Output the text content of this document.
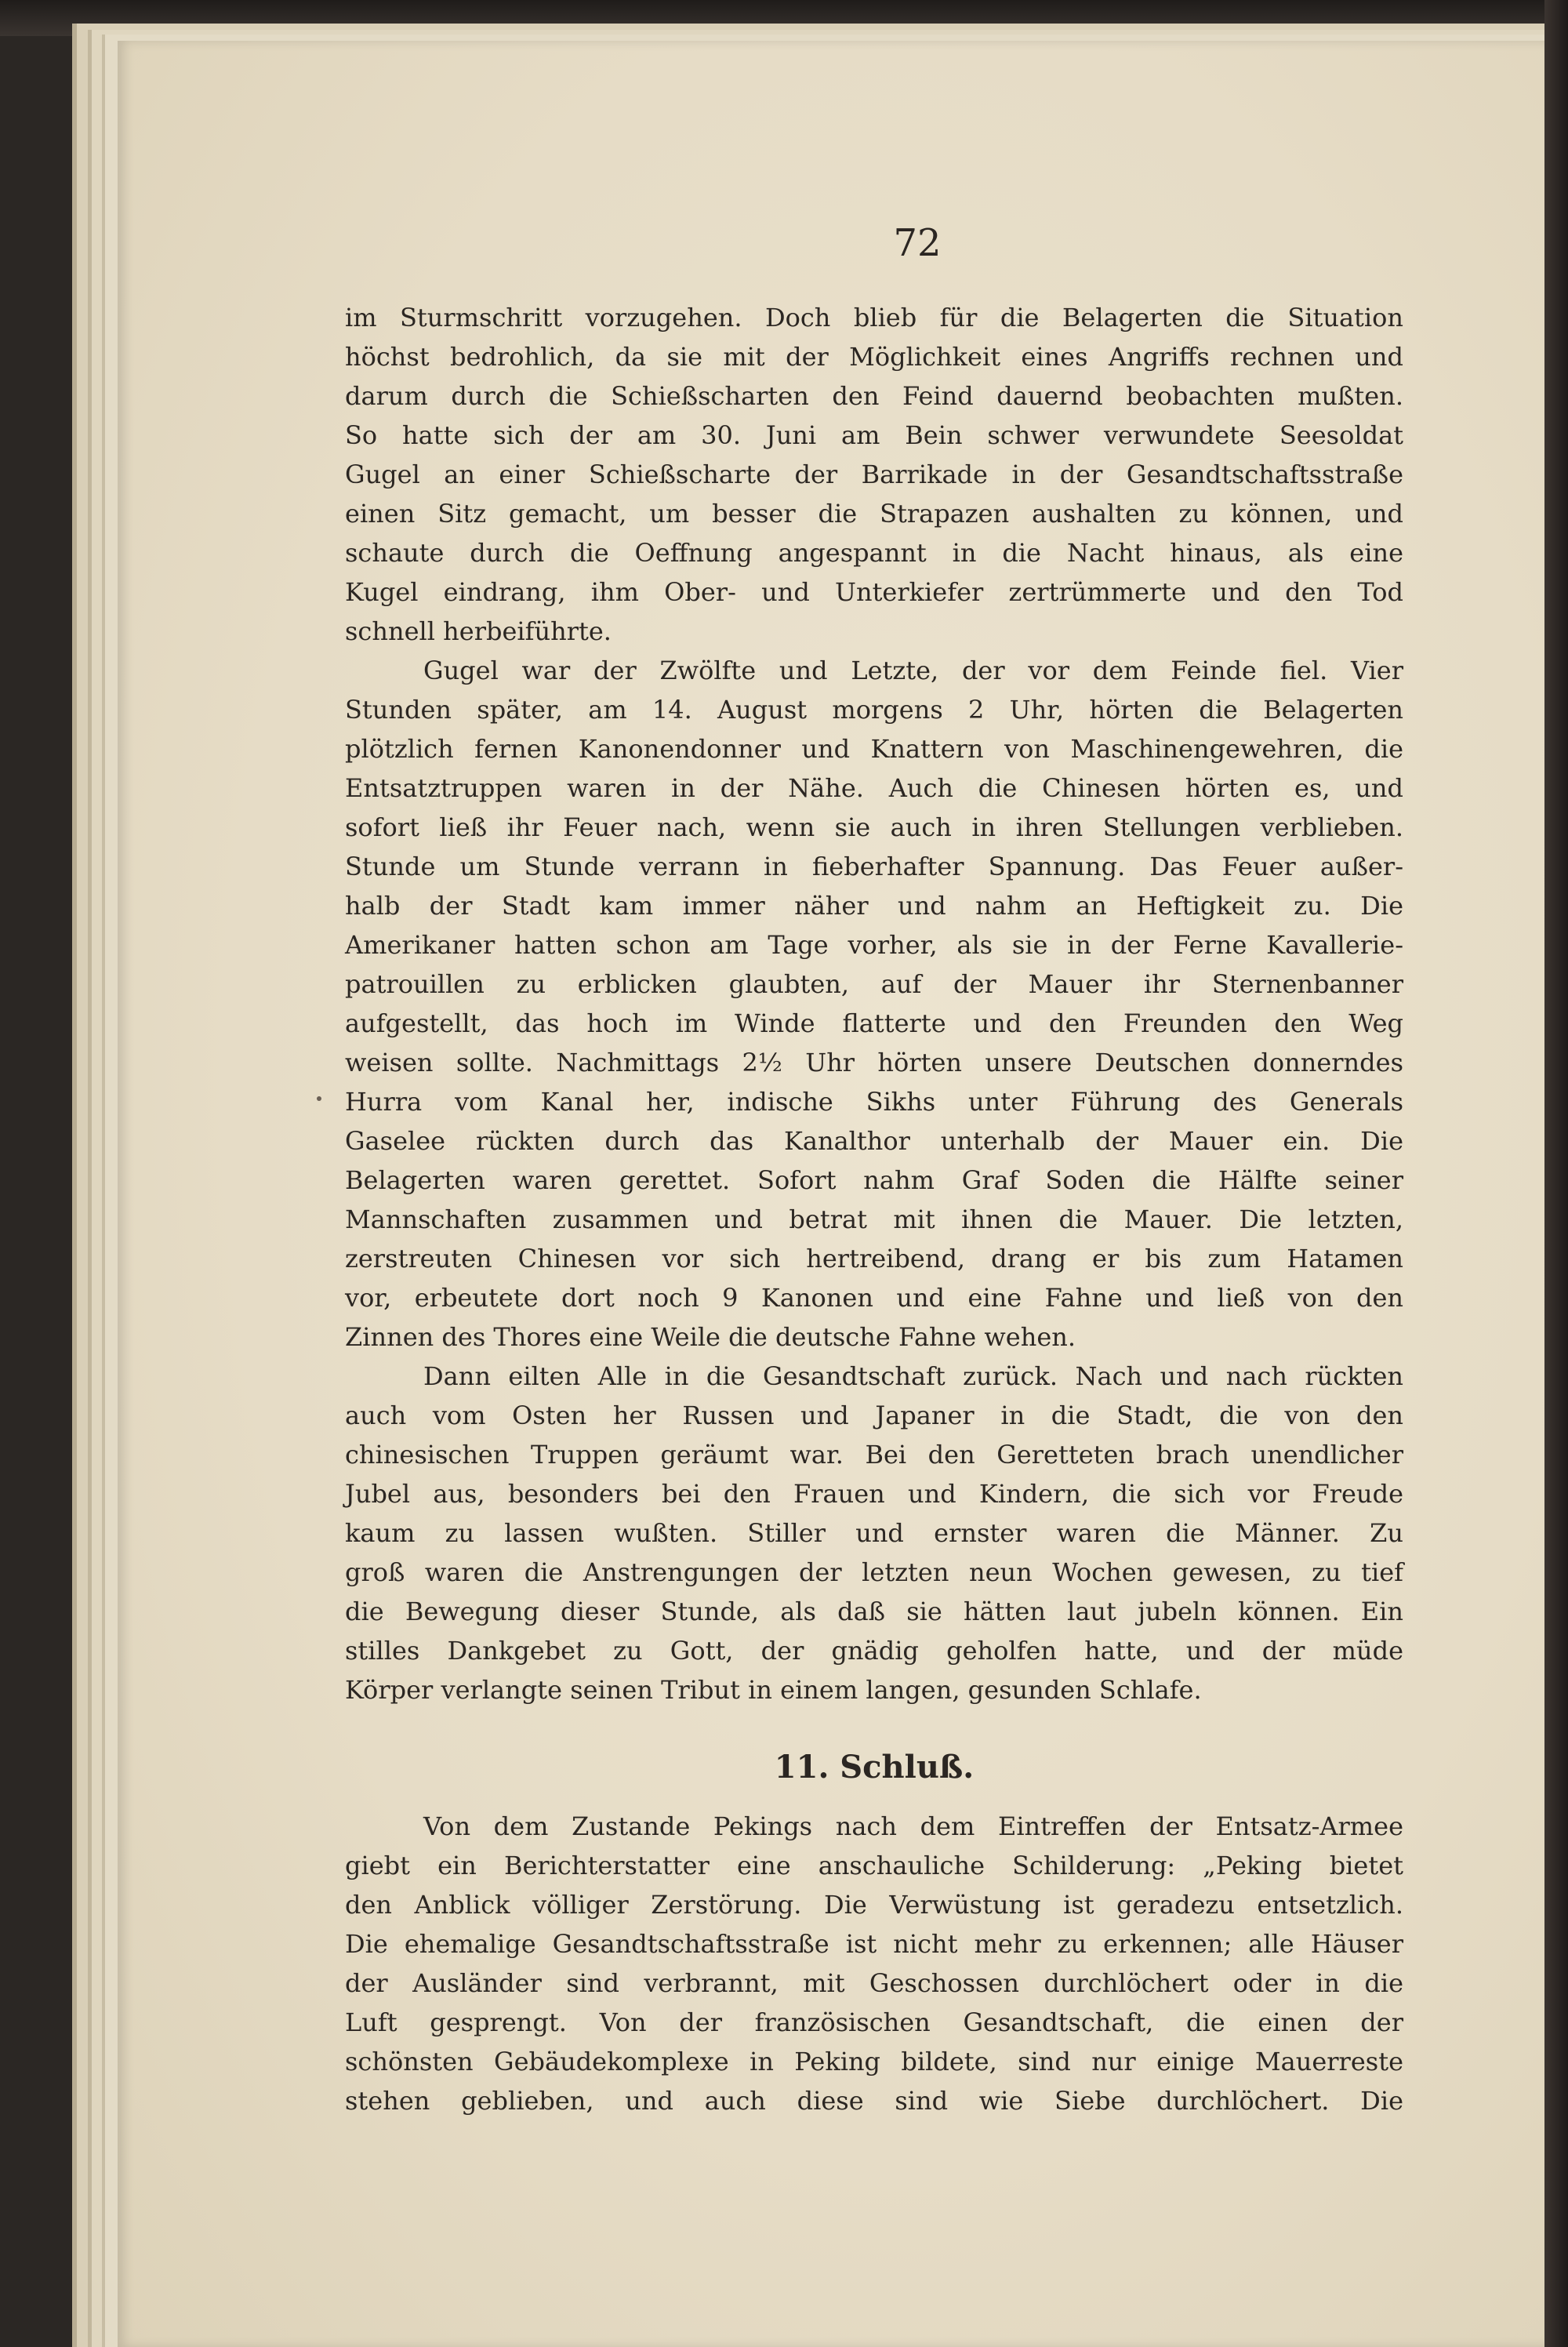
72
im Sturmschritt vorzugehen. Doch blieb für die Belagerten die Situation
höchst bedrohlich, da sie mit der Möglichkeit eines Angriffs rechnen und
darum durch die Schießscharten den Feind dauernd beobachten mußten.
So hatte sich der am 30. Juni am Bein schwer verwundete Seesoldat
Gugel an einer Schießscharte der Barrikade in der Gesandtschaftsstraße
einen Sitz gemacht, um besser die Strapazen aushalten zu können, und
schaute durch die Oeffnung angespannt in die Nacht hinaus, als eine
Kugel eindrang, ihm Ober- und Unterkiefer zertrümmerte und den Tod
schnell herbeiführte.
Gugel war der Zwölfte und Letzte, der vor dem Feinde fiel. Vier
Stunden später, am 14. August morgens 2 Uhr, hörten die Belagerten
plötzlich fernen Kanonendonner und Knattern von Maschinengewehren, die
Entsatztruppen waren in der Nähe. Auch die Chinesen hörten es, und
sofort ließ ihr Feuer nach, wenn sie auch in ihren Stellungen verblieben.
Stunde um Stunde verrann in fieberhafter Spannung. Das Feuer außer-
halb der Stadt kam immer näher und nahm an Heftigkeit zu. Die
Amerikaner hatten schon am Tage vorher, als sie in der Ferne Kavallerie-
patrouillen zu erblicken glaubten, auf der Mauer ihr Sternenbanner
aufgestellt, das hoch im Winde flatterte und den Freunden den Weg
weisen sollte. Nachmittags 2½ Uhr hörten unsere Deutschen donnerndes
Hurra vom Kanal her, indische Sikhs unter Führung des Generals
Gaselee rückten durch das Kanalthor unterhalb der Mauer ein. Die
Belagerten waren gerettet. Sofort nahm Graf Soden die Hälfte seiner
Mannschaften zusammen und betrat mit ihnen die Mauer. Die letzten,
zerstreuten Chinesen vor sich hertreibend, drang er bis zum Hatamen
vor, erbeutete dort noch 9 Kanonen und eine Fahne und ließ von den
Zinnen des Thores eine Weile die deutsche Fahne wehen.
Dann eilten Alle in die Gesandtschaft zurück. Nach und nach rückten
auch vom Osten her Russen und Japaner in die Stadt, die von den
chinesischen Truppen geräumt war. Bei den Geretteten brach unendlicher
Jubel aus, besonders bei den Frauen und Kindern, die sich vor Freude
kaum zu lassen wußten. Stiller und ernster waren die Männer. Zu
groß waren die Anstrengungen der letzten neun Wochen gewesen, zu tief
die Bewegung dieser Stunde, als daß sie hätten laut jubeln können. Ein
stilles Dankgebet zu Gott, der gnädig geholfen hatte, und der müde
Körper verlangte seinen Tribut in einem langen, gesunden Schlafe.
11. Schluß.
Von dem Zustande Pekings nach dem Eintreffen der Entsatz-Armee
giebt ein Berichterstatter eine anschauliche Schilderung: „Peking bietet
den Anblick völliger Zerstörung. Die Verwüstung ist geradezu entsetzlich.
Die ehemalige Gesandtschaftsstraße ist nicht mehr zu erkennen; alle Häuser
der Ausländer sind verbrannt, mit Geschossen durchlöchert oder in die
Luft gesprengt. Von der französischen Gesandtschaft, die einen der
schönsten Gebäudekomplexe in Peking bildete, sind nur einige Mauerreste
stehen geblieben, und auch diese sind wie Siebe durchlöchert. Die
